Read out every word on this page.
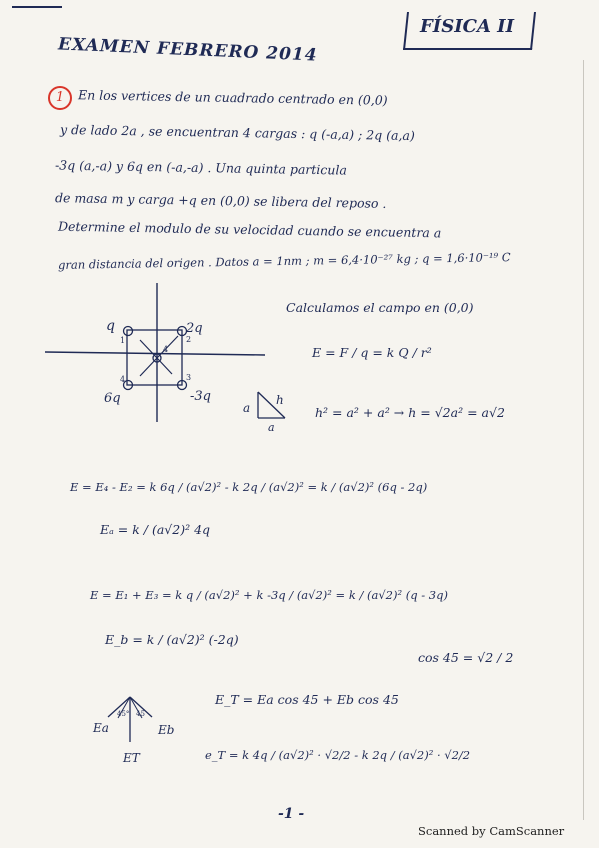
EXAMEN FEBRERO 2014
FÍSICA II
1	En los vertices de un cuadrado centrado en (0,0)
y de lado 2a , se encuentran 4 cargas : q (-a,a) ; 2q (a,a)
-3q (a,-a) y 6q en (-a,-a) . Una quinta particula
de masa m y carga +q en (0,0) se libera del reposo .
Determine el modulo de su velocidad cuando se encuentra a
gran distancia del origen . Datos a = 1nm ; m = 6,4·10⁻²⁷ kg ; q = 1,6·10⁻¹⁹ C
q	2q
-3q
6q
1	2
3
4
4
a
h
a
Ea	Eb
ET
45° 45
Calculamos el campo en (0,0)
E = F / q = k Q / r²
h² = a² + a² → h = √2a² = a√2
E = E₄ - E₂ = k 6q / (a√2)² - k 2q / (a√2)² = k / (a√2)² (6q - 2q)
Eₐ = k / (a√2)² 4q
E = E₁ + E₃ = k q / (a√2)² + k -3q / (a√2)² = k / (a√2)² (q - 3q)
E_b = k / (a√2)² (-2q)
cos 45 = √2 / 2
E_T = Ea cos 45 + Eb cos 45
e_T = k 4q / (a√2)² · √2/2 - k 2q / (a√2)² · √2/2
-1 -
Scanned by CamScanner
